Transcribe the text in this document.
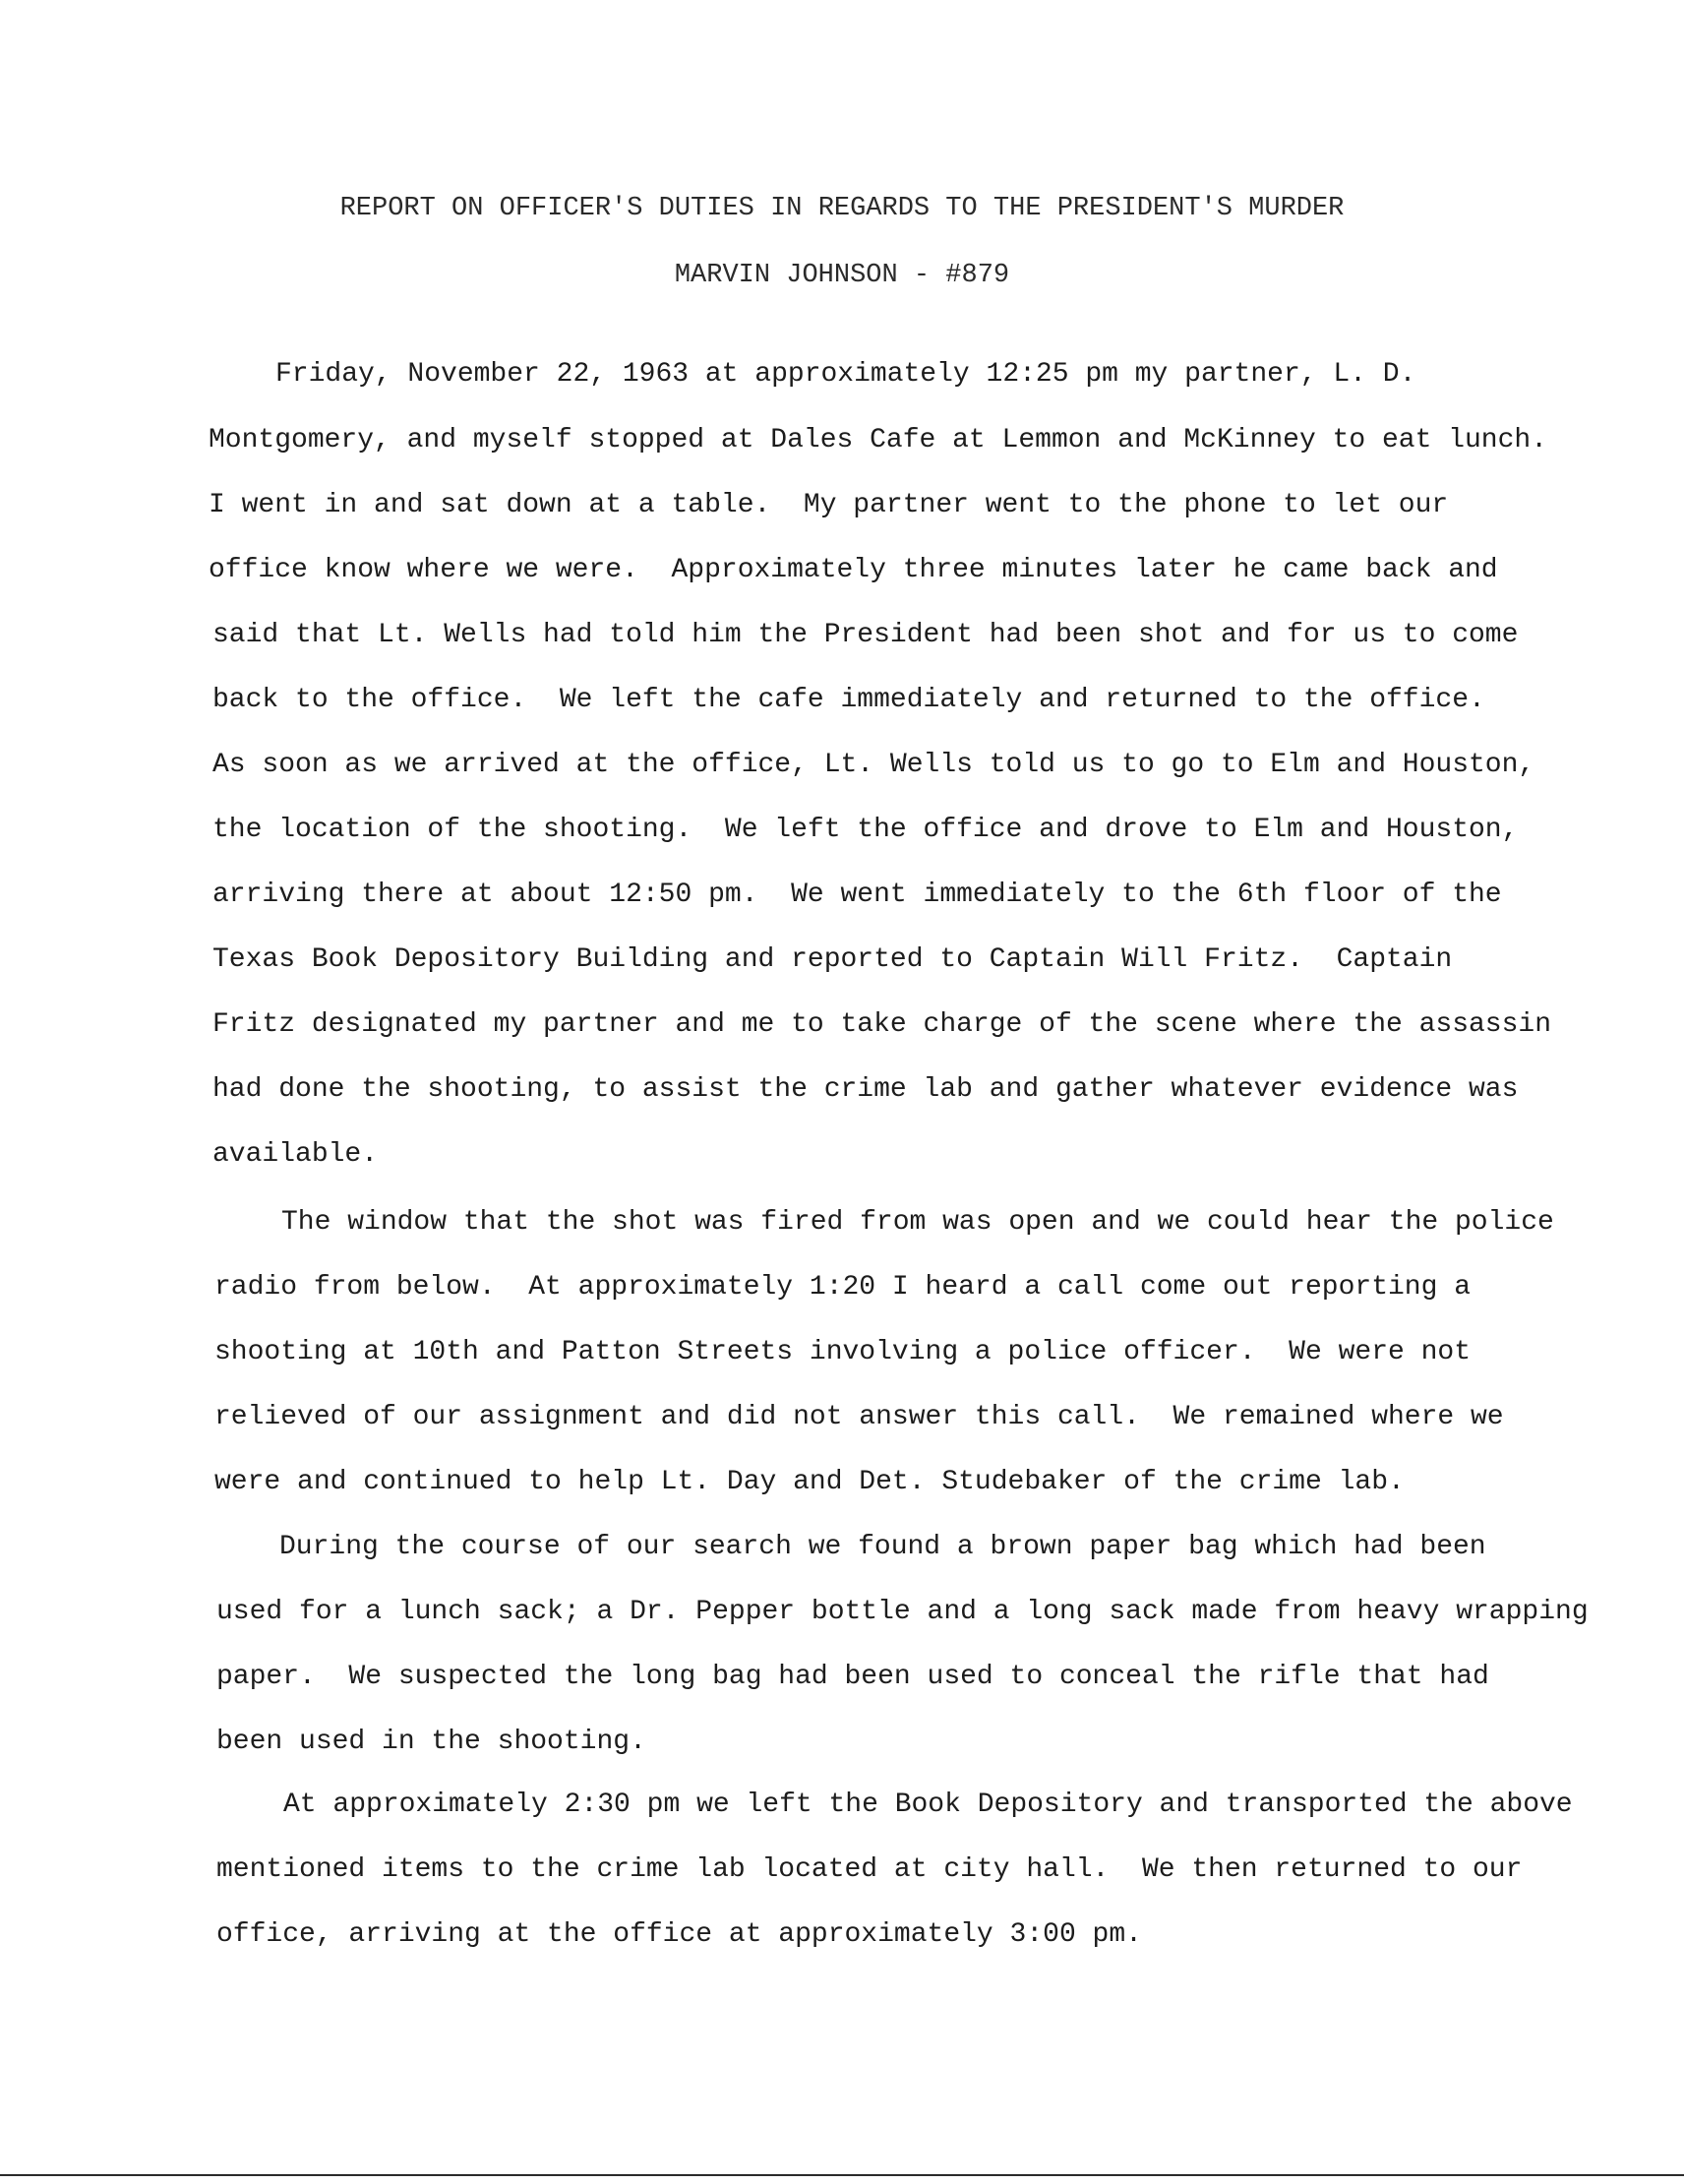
REPORT ON OFFICER'S DUTIES IN REGARDS TO THE PRESIDENT'S MURDER
MARVIN JOHNSON - #879
Friday, November 22, 1963 at approximately 12:25 pm my partner, L. D.
Montgomery, and myself stopped at Dales Cafe at Lemmon and McKinney to eat lunch.
I went in and sat down at a table.  My partner went to the phone to let our
office know where we were.  Approximately three minutes later he came back and
said that Lt. Wells had told him the President had been shot and for us to come
back to the office.  We left the cafe immediately and returned to the office.
As soon as we arrived at the office, Lt. Wells told us to go to Elm and Houston,
the location of the shooting.  We left the office and drove to Elm and Houston,
arriving there at about 12:50 pm.  We went immediately to the 6th floor of the
Texas Book Depository Building and reported to Captain Will Fritz.  Captain
Fritz designated my partner and me to take charge of the scene where the assassin
had done the shooting, to assist the crime lab and gather whatever evidence was
available.
The window that the shot was fired from was open and we could hear the police
radio from below.  At approximately 1:20 I heard a call come out reporting a
shooting at 10th and Patton Streets involving a police officer.  We were not
relieved of our assignment and did not answer this call.  We remained where we
were and continued to help Lt. Day and Det. Studebaker of the crime lab.
During the course of our search we found a brown paper bag which had been
used for a lunch sack; a Dr. Pepper bottle and a long sack made from heavy wrapping
paper.  We suspected the long bag had been used to conceal the rifle that had
been used in the shooting.
At approximately 2:30 pm we left the Book Depository and transported the above
mentioned items to the crime lab located at city hall.  We then returned to our
office, arriving at the office at approximately 3:00 pm.
